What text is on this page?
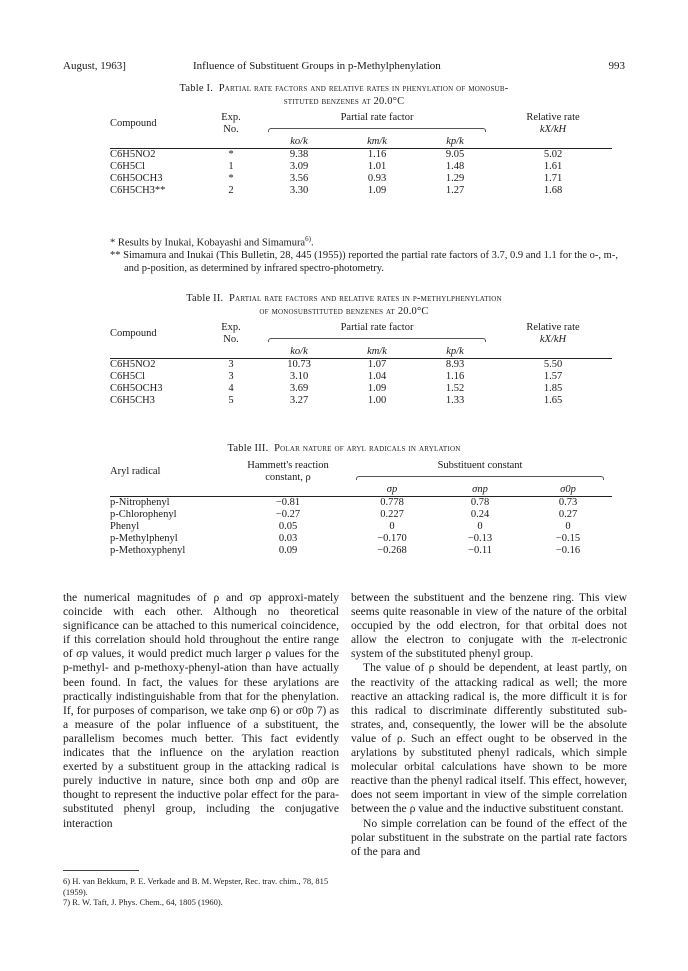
August, 1963]	Influence of Substituent Groups in p-Methylphenylation	993
Table I. Partial rate factors and relative rates in phenylation of monosub-
stituted benzenes at 20.0°C
Compound	Exp.	Partial rate factor			Relative rate
	No.				kX/kH
		ko/k	km/k	kp/k	
C6H5NO2	*	9.38	1.16	9.05	5.02
C6H5Cl	1	3.09	1.01	1.48	1.61
C6H5OCH3	*	3.56	0.93	1.29	1.71
C6H5CH3**	2	3.30	1.09	1.27	1.68
* Results by Inukai, Kobayashi and Simamura$^{6)}$.
** Simamura and Inukai (This Bulletin, 28, 445 (1955)) reported the partial rate factors of 3.7, 0.9 and 1.1 for the o-, m-, and p-position, as determined by infrared spectro-photometry.
Table II. Partial rate factors and relative rates in p-methylphenylation
of monosubstituted benzenes at 20.0°C
Compound	Exp.	Partial rate factor			Relative rate
	No.				kX/kH
		ko/k	km/k	kp/k	
C6H5NO2	3	10.73	1.07	8.93	5.50
C6H5Cl	3	3.10	1.04	1.16	1.57
C6H5OCH3	4	3.69	1.09	1.52	1.85
C6H5CH3	5	3.27	1.00	1.33	1.65
Table III. Polar nature of aryl radicals in arylation
Aryl radical	Hammett's reaction	Substituent constant		
	constant, ρ			

		σp	σnp	σ0p
p-Nitrophenyl	−0.81	0.778	0.78	0.73
p-Chlorophenyl	−0.27	0.227	0.24	0.27
Phenyl	0.05	0	0	0
p-Methylphenyl	0.03	−0.170	−0.13	−0.15
p-Methoxyphenyl	0.09	−0.268	−0.11	−0.16

the numerical magnitudes of ρ and σp approxi-mately coincide with each other. Although no theoretical significance can be attached to this numerical coincidence, if this correlation should hold throughout the entire range of σp values, it would predict much larger ρ values for the p-methyl- and p-methoxy-phenyl-ation than have actually been found. In fact, the values for these arylations are practically indistinguishable from that for the phenylation. If, for purposes of comparison, we take σnp 6) or σ0p 7) as a measure of the polar influence of a substituent, the parallelism becomes much better. This fact evidently indicates that the influence on the arylation reaction exerted by a substituent group in the attacking radical is purely inductive in nature, since both σnp and σ0p are thought to represent the inductive polar effect for the para-substituted phenyl group, including the conjugative interaction

between the substituent and the benzene ring. This view seems quite reasonable in view of the nature of the orbital occupied by the odd electron, for that orbital does not allow the electron to conjugate with the π-electronic system of the substituted phenyl group.

The value of ρ should be dependent, at least partly, on the reactivity of the attacking radical as well; the more reactive an attacking radical is, the more difficult it is for this radical to discriminate differently substituted sub-strates, and, consequently, the lower will be the absolute value of ρ. Such an effect ought to be observed in the arylations by substituted phenyl radicals, which simple molecular orbital calculations have shown to be more reactive than the phenyl radical itself. This effect, however, does not seem important in view of the simple correlation between the ρ value and the inductive substituent constant.

No simple correlation can be found of the effect of the polar substituent in the substrate on the partial rate factors of the para and

6) H. van Bekkum, P. E. Verkade and B. M. Wepster, Rec. trav. chim., 78, 815 (1959).
7) R. W. Taft, J. Phys. Chem., 64, 1805 (1960).
